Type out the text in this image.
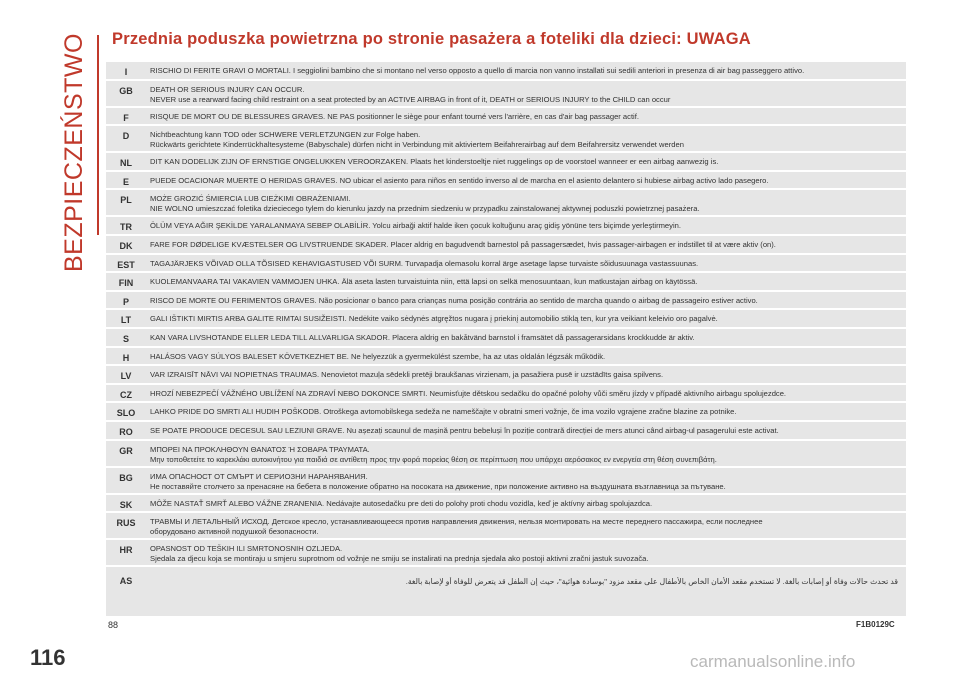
BEZPIECZEŃSTWO Przednia poduszka powietrzna po stronie pasażera a foteliki dla dzieci: UWAGA
I	RISCHIO DI FERITE GRAVI O MORTALI. I seggiolini bambino che si montano nel verso opposto a quello di marcia non vanno installati sui sedili anteriori in presenza di air bag passeggero attivo.
GB	DEATH OR SERIOUS INJURY CAN OCCUR.
NEVER use a rearward facing child restraint on a seat protected by an ACTIVE AIRBAG in front of it, DEATH or SERIOUS INJURY to the CHILD can occur
F	RISQUE DE MORT OU DE BLESSURES GRAVES. NE PAS positionner le siège pour enfant tourné vers l'arrière, en cas d'air bag passager actif.
D	Nichtbeachtung kann TOD oder SCHWERE VERLETZUNGEN zur Folge haben.
Rückwärts gerichtete Kinderrückhaltesysteme (Babyschale) dürfen nicht in Verbindung mit aktiviertem Beifahrerairbag auf dem Beifahrersitz verwendet werden
NL	DIT KAN DODELIJK ZIJN OF ERNSTIGE ONGELUKKEN VEROORZAKEN. Plaats het kinderstoeltje niet ruggelings op de voorstoel wanneer er een airbag aanwezig is.
E	PUEDE OCACIONAR MUERTE O HERIDAS GRAVES. NO ubicar el asiento para niños en sentido inverso al de marcha en el asiento delantero si hubiese airbag activo lado pasegero.
PL	MOŻE GROZIĆ ŚMIERCIA LUB CIEŻKIMI OBRAŻENIAMI.
NIE WOLNO umieszczać foletika dzieciecego tylem do kierunku jazdy na przednim siedzeniu w przypadku zainstalowanej aktywnej poduszki powietrznej pasażera.
TR	ÖLÜM VEYA AĞIR ŞEKİLDE YARALANMAYA SEBEP OLABİLİR. Yolcu airbaği aktif halde iken çocuk koltuğunu araç gidiş yönüne ters biçimde yerleştirmeyin.
DK	FARE FOR DØDELIGE KVÆSTELSER OG LIVSTRUENDE SKADER. Placer aldrig en bagudvendt barnestol på passagersædet, hvis passager-airbagen er indstillet til at være aktiv (on).
EST	TAGAJÄRJEKS VÕIVAD OLLA TÕSISED KEHAVIGASTUSED VÕI SURM. Turvapadja olemasolu korral ärge asetage lapse turvaiste sõidusuunaga vastassuunas.
FIN	KUOLEMANVAARA TAI VAKAVIEN VAMMOJEN UHKA. Älä aseta lasten turvaistuinta niin, että lapsi on selkä menosuuntaan, kun matkustajan airbag on käytössä.
P	RISCO DE MORTE OU FERIMENTOS GRAVES. Não posicionar o banco para crianças numa posição contrária ao sentido de marcha quando o airbag de passageiro estiver activo.
LT	GALI IŠTIKTI MIRTIS ARBA GALITE RIMTAI SUSIŽEISTI. Nedėkite vaiko sėdynės atgręžtos nugara į priekinį automobilio stiklą ten, kur yra veikiant keleivio oro pagalvė.
S	KAN VARA LIVSHOTANDE ELLER LEDA TILL ALLVARLIGA SKADOR. Placera aldrig en bakåtvänd barnstol i framsätet då passagerarsidans krockkudde är aktiv.
H	HALÁSOS VAGY SÚLYOS BALESET KÖVETKEZHET BE. Ne helyezzük a gyermekülést szembe, ha az utas oldalán légzsák működik.
LV	VAR IZRAISĪT NĀVI VAI NOPIETNAS TRAUMAS. Nenovietot mazuļa sēdekli pretēji braukšanas virzienam, ja pasažiera pusē ir uzstādīts gaisa spilvens.
CZ	HROZÍ NEBEZPEČÍ VÁŽNÉHO UBLÍŽENÍ NA ZDRAVÍ NEBO DOKONCE SMRTI. Neumisťujte dětskou sedačku do opačné polohy vůči směru jízdy v případě aktivního airbagu spolujezdce.
SLO	LAHKO PRIDE DO SMRTI ALI HUDIH POŠKODB. Otroškega avtomobilskega sedeža ne nameščajte v obratni smeri vožnje, če ima vozilo vgrajene zračne blazine za potnike.
RO	SE POATE PRODUCE DECESUL SAU LEZIUNI GRAVE. Nu așezați scaunul de mașină pentru bebeluși în poziție contrară direcției de mers atunci când airbag-ul pasagerului este activat.
GR	ΜΠΟΡΕΙ ΝΑ ΠΡΟΚΛΗΘΟΥΝ ΘΑΝΑΤΟΣ Ή ΣΟΒΑΡΑ ΤΡΑΥΜΑΤΑ.
Μην τοποθετείτε το καρεκλάκι αυτοκινήτου για παιδιά σε αντίθετη προς την φορά πορείας θέση σε περίπτωση που υπάρχει αερόσακος εν ενεργεία στη θέση συνεπιβάτη.
BG	ИМА ОПАСНОСТ ОТ СМЪРТ И СЕРИОЗНИ НАРАНЯВАНИЯ.
Не поставяйте столчето за пренасяне на бебета в положение обратно на посоката на движение, при положение активно на въздушната възглавница за пътуване.
SK	MÔŽE NASTAŤ SMRŤ ALEBO VÁŽNE ZRANENIA. Nedávajte autosedačku pre deti do polohy proti chodu vozidla, keď je aktívny airbag spolujazdca.
RUS	ТРАВМЫ И ЛЕТАЛЬНЫЙ ИСХОД. Детское кресло, устанавливающееся против направления движения, нельзя монтировать на месте переднего пассажира, если последнее
оборудовано активной подушкой безопасности.
HR	OPASNOST OD TEŠKIH ILI SMRTONOSNIH OZLJEDA.
Sjedala za djecu koja se montiraju u smjeru suprotnom od vožnje ne smiju se instalirati na prednja sjedala ako postoji aktivni zračni jastuk suvozača.
AS	قد تحدث حالات وفاة أو إصابات بالغة. لا تستخدم مقعد الأمان الخاص بالأطفال على مقعد مزود "بوسادة هوائية"، حيث إن الطفل قد يتعرض للوفاة أو لإصابة بالغة.
88	F1B0129C
116	carmanualsonline.info
